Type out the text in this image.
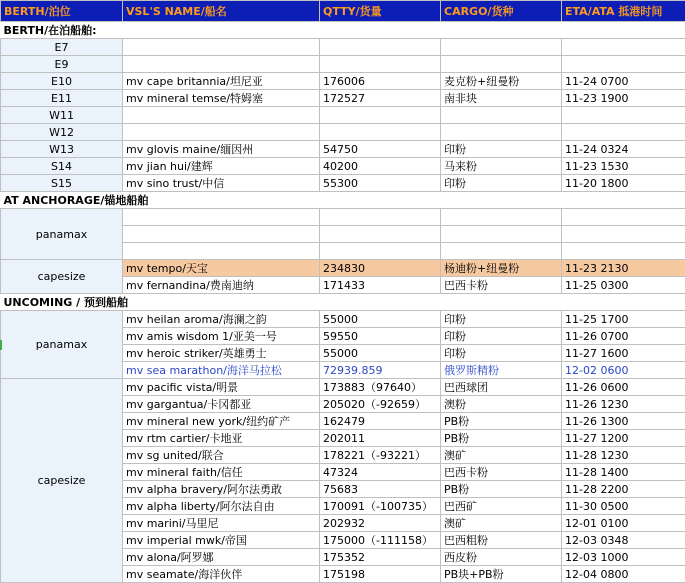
BERTH/泊位	VSL'S NAME/船名	QTTY/货量	CARGO/货种	ETA/ATA 抵港时间
BERTH/在泊船舶:				
E7				
E9				
E10	mv cape britannia/坦尼亚	176006	麦克粉+纽曼粉	11-24 0700
E11	mv mineral temse/特姆塞	172527	南非块	11-23 1900
W11				
W12				
W13	mv glovis maine/缅因州	54750	印粉	11-24 0324
S14	mv jian hui/建辉	40200	马来粉	11-23 1530
S15	mv sino trust/中信	55300	印粉	11-20 1800
AT ANCHORAGE/锚地船舶				
panamax				

capesize	mv tempo/天宝	234830	杨迪粉+纽曼粉	11-23 2130
	mv fernandina/费南迪纳	171433	巴西卡粉	11-25 0300
UNCOMING / 预到船舶				
panamax	mv heilan aroma/海澜之韵	55000	印粉	11-25 1700
	mv amis wisdom 1/亚美一号	59550	印粉	11-26 0700
	mv heroic striker/英雄勇士	55000	印粉	11-27 1600
	mv sea marathon/海洋马拉松	72939.859	俄罗斯精粉	12-02 0600
capesize	mv pacific vista/明景	173883（97640）	巴西球团	11-26 0600
	mv gargantua/卡冈都亚	205020（-92659）	澳粉	11-26 1230
	mv mineral new york/纽约矿产	162479	PB粉	11-26 1300
	mv rtm cartier/卡地亚	202011	PB粉	11-27 1200
	mv sg united/联合	178221（-93221）	澳矿	11-28 1230
	mv mineral faith/信任	47324	巴西卡粉	11-28 1400
	mv alpha bravery/阿尔法勇敢	75683	PB粉	11-28 2200
	mv alpha liberty/阿尔法自由	170091（-100735）	巴西矿	11-30 0500
	mv marini/马里尼	202932	澳矿	12-01 0100
	mv imperial mwk/帝国	175000（-111158）	巴西粗粉	12-03 0348
	mv alona/阿罗娜	175352	西皮粉	12-03 1000
	mv seamate/海洋伙伴	175198	PB块+PB粉	12-04 0800
